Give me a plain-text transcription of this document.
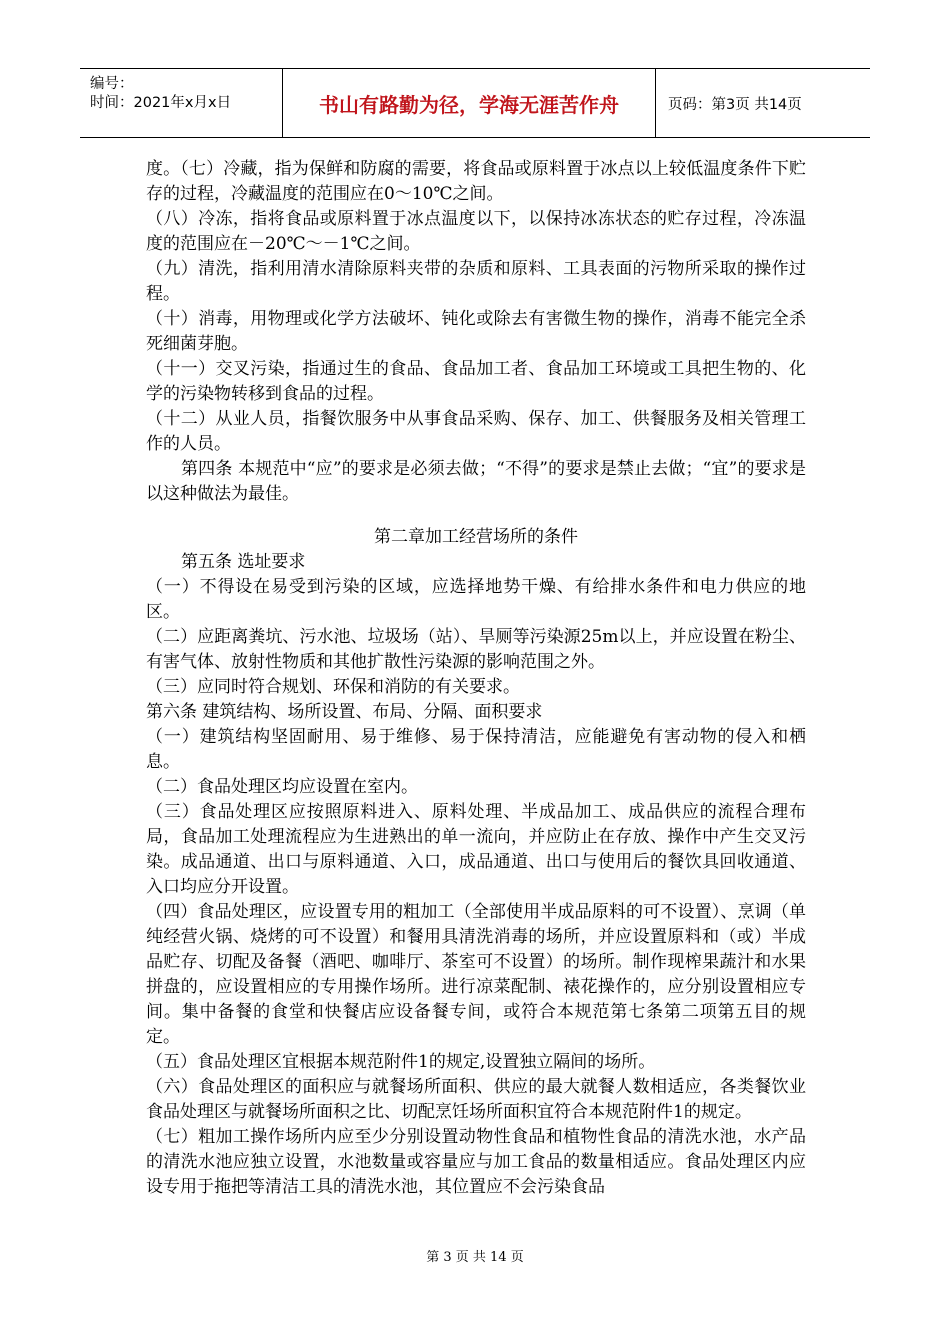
编号：
时间：2021年x月x日	书山有路勤为径，学海无涯苦作舟	页码：第3页 共14页

度。（七）冷藏，指为保鲜和防腐的需要，将食品或原料置于冰点以上较低温度条件下贮存的过程，冷藏温度的范围应在0～10℃之间。

（八）冷冻，指将食品或原料置于冰点温度以下，以保持冰冻状态的贮存过程，冷冻温度的范围应在－20℃～－1℃之间。

（九）清洗，指利用清水清除原料夹带的杂质和原料、工具表面的污物所采取的操作过程。

（十）消毒，用物理或化学方法破坏、钝化或除去有害微生物的操作，消毒不能完全杀死细菌芽胞。

（十一）交叉污染，指通过生的食品、食品加工者、食品加工环境或工具把生物的、化学的污染物转移到食品的过程。

（十二）从业人员，指餐饮服务中从事食品采购、保存、加工、供餐服务及相关管理工作的人员。

第四条 本规范中“应”的要求是必须去做；“不得”的要求是禁止去做；“宜”的要求是以这种做法为最佳。

第二章加工经营场所的条件

第五条 选址要求

（一）不得设在易受到污染的区域，应选择地势干燥、有给排水条件和电力供应的地区。

（二）应距离粪坑、污水池、垃圾场（站）、旱厕等污染源25m以上，并应设置在粉尘、有害气体、放射性物质和其他扩散性污染源的影响范围之外。

（三）应同时符合规划、环保和消防的有关要求。

第六条 建筑结构、场所设置、布局、分隔、面积要求

（一）建筑结构坚固耐用、易于维修、易于保持清洁，应能避免有害动物的侵入和栖息。

（二）食品处理区均应设置在室内。

（三）食品处理区应按照原料进入、原料处理、半成品加工、成品供应的流程合理布局，食品加工处理流程应为生进熟出的单一流向，并应防止在存放、操作中产生交叉污染。成品通道、出口与原料通道、入口，成品通道、出口与使用后的餐饮具回收通道、入口均应分开设置。

（四）食品处理区，应设置专用的粗加工（全部使用半成品原料的可不设置）、烹调（单纯经营火锅、烧烤的可不设置）和餐用具清洗消毒的场所，并应设置原料和（或）半成品贮存、切配及备餐（酒吧、咖啡厅、茶室可不设置）的场所。制作现榨果蔬汁和水果拼盘的，应设置相应的专用操作场所。进行凉菜配制、裱花操作的，应分别设置相应专间。集中备餐的食堂和快餐店应设备餐专间，或符合本规范第七条第二项第五目的规定。

（五）食品处理区宜根据本规范附件1的规定,设置独立隔间的场所。

（六）食品处理区的面积应与就餐场所面积、供应的最大就餐人数相适应，各类餐饮业食品处理区与就餐场所面积之比、切配烹饪场所面积宜符合本规范附件1的规定。

（七）粗加工操作场所内应至少分别设置动物性食品和植物性食品的清洗水池，水产品的清洗水池应独立设置，水池数量或容量应与加工食品的数量相适应。食品处理区内应设专用于拖把等清洁工具的清洗水池，其位置应不会污染食品

第 3 页 共 14 页
